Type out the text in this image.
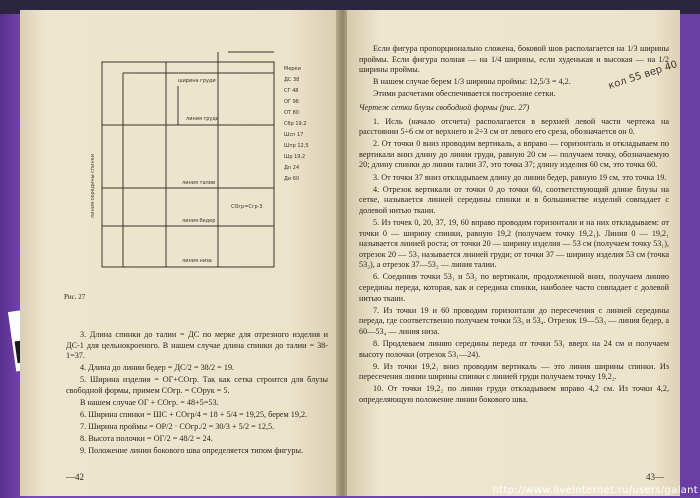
ширина груди
линия груди
линия талии
линия бедер
линия низа
СОгр=Сгр·3
Мерки
ДС 38
СГ 48
ОГ 96
ОТ 80
Сбр 19,2
Шсп 17
Шпр 12,5
Шр 19,2
Дп 24
Ди 60
линия середины спинки
Рис. 27

3. Длина спинки до талии = ДС по мерке для отрезного изделия и ДС-1 для цельнокроеного. В нашем случае длина спинки до талии = 38-1=37.

4. Длина до линии бедер = ДС/2 = 38/2 = 19.

5. Ширина изделия = ОГ+СОгр. Так как сетка строится для блузы свободной формы, примем СОгр. = СОрук = 5.

В нашем случае ОГ + СОгр. = 48+5=53.

6. Ширина спинки = ШС + СОгр/4 = 18 + 5/4 = 19,25, берем 19,2.

7. Ширина проймы = ОР/2 · СОгр./2 = 30/3 + 5/2 = 12,5.

8. Высота полочки = ОГ/2 = 48/2 = 24.

9. Положение линии бокового шва определяется типом фигуры.

—42
кол 55 вер 40

Если фигура пропорционально сложена, боковой шов располагается на 1/3 ширины проймы. Если фигура полная — на 1/4 ширины, если худенькая и высокая — на 1/2 ширины проймы.

В нашем случае берем 1/3 ширины проймы: 12,5/3 = 4,2.

Этими расчетами обеспечивается построение сетки.

Чертеж сетки блузы свободной формы (рис. 27)

1. Исль (начало отсчета) располагается в верхней левой части чертежа на расстоянии 5÷6 см от верхнего и 2÷3 см от левого его среза, обозначается он 0.

2. От точки 0 вниз проводим вертикаль, а вправо — горизонталь и откладываем по вертикали вниз длину до линии груди, равную 20 см — получаем точку, обозначаемую 20; длину спинки до линии талии 37, это точка 37; длину изделия 60 см, это точка 60.

3. От точки 37 вниз откладываем длину до линии бедер, равную 19 см, это точка 19.

4. Отрезок вертикали от точки 0 до точки 60, соответствующий длине блузы на сетке, называется линией середины спинки и в большинстве изделий совпадает с долевой нитью ткани.

5. Из точек 0, 20, 37, 19, 60 вправо проводим горизонтали и на них откладываем: от точки 0 — ширину спинки, равную 19,2 (получаем точку 19,2₁). Линия 0 — 19,2₁ называется линией роста; от точки 20 — ширину изделия — 53 см (получаем точку 53₁), отрезок 20 — 53₁ называется линией груди; от точки 37 — ширину изделия 53 см (точка 53₂), а отрезок 37—53₂ — линия талии.

6. Соединив точки 53₁ и 53₂ по вертикали, продолженной вниз, получаем линию середины переда, которая, как и середина спинки, наиболее часто совпадает с долевой нитью ткани.

7. Из точки 19 и 60 проводим горизонтали до пересечения с линией середины переда, где соответственно получаем точки 53₃ и 53₄. Отрезок 19—53₃ — линия бедер, а 60—53₄ — линия низа.

8. Продлеваем линию середины переда от точки 53₁ вверх на 24 см и получаем высоту полочки (отрезок 53₁—24).

9. Из точки 19,2₁ вниз проводим вертикаль — это линия ширины спинки. Из пересечения линии ширины спинки с линией груди получаем точку 19,2₂.

10. От точки 19,2₂ по линии груди откладываем вправо 4,2 см. Из точки 4,2, определяющую положение линии бокового шва.

43—
http://www.liveinternet.ru/users/galant
